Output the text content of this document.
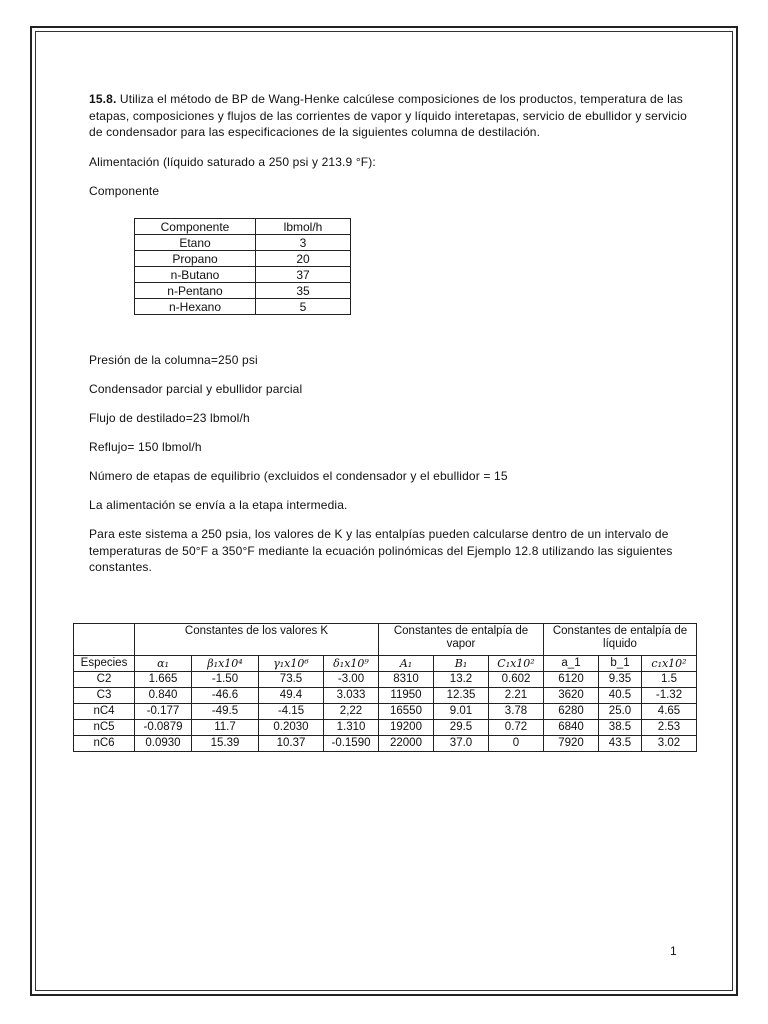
15.8. Utiliza el método de BP de Wang-Henke calcúlese composiciones de los productos, temperatura de las etapas, composiciones y flujos de las corrientes de vapor y líquido interetapas, servicio de ebullidor y servicio de condensador para las especificaciones de la siguientes columna de destilación.

Alimentación (líquido saturado a 250 psi y 213.9 °F):

Componente

Componente	lbmol/h
Etano	3
Propano	20
n-Butano	37
n-Pentano	35
n-Hexano	5

Presión de la columna=250 psi

Condensador parcial y ebullidor parcial

Flujo de destilado=23 lbmol/h

Reflujo= 150 lbmol/h

Número de etapas de equilibrio (excluidos el condensador y el ebullidor = 15

La alimentación se envía a la etapa intermedia.

Para este sistema a 250 psia, los valores de K y las entalpías pueden calcularse dentro de un intervalo de temperaturas de 50°F a 350°F mediante la ecuación polinómicas del Ejemplo 12.8 utilizando las siguientes constantes.

	Constantes de los valores K				Constantes de entalpía de vapor			Constantes de entalpía de líquido		
Especies	α₁	β₁x10⁴	γ₁x10⁶	δ₁x10⁹	A₁	B₁	C₁x10²	a_1	b_1	c₁x10²
C2	1.665	-1.50	73.5	-3.00	8310	13.2	0.602	6120	9.35	1.5
C3	0.840	-46.6	49.4	3.033	11950	12.35	2.21	3620	40.5	-1.32
nC4	-0.177	-49.5	-4.15	2,22	16550	9.01	3.78	6280	25.0	4.65
nC5	-0.0879	11.7	0.2030	1.310	19200	29.5	0.72	6840	38.5	2.53
nC6	0.0930	15.39	10.37	-0.1590	22000	37.0	0	7920	43.5	3.02
1
